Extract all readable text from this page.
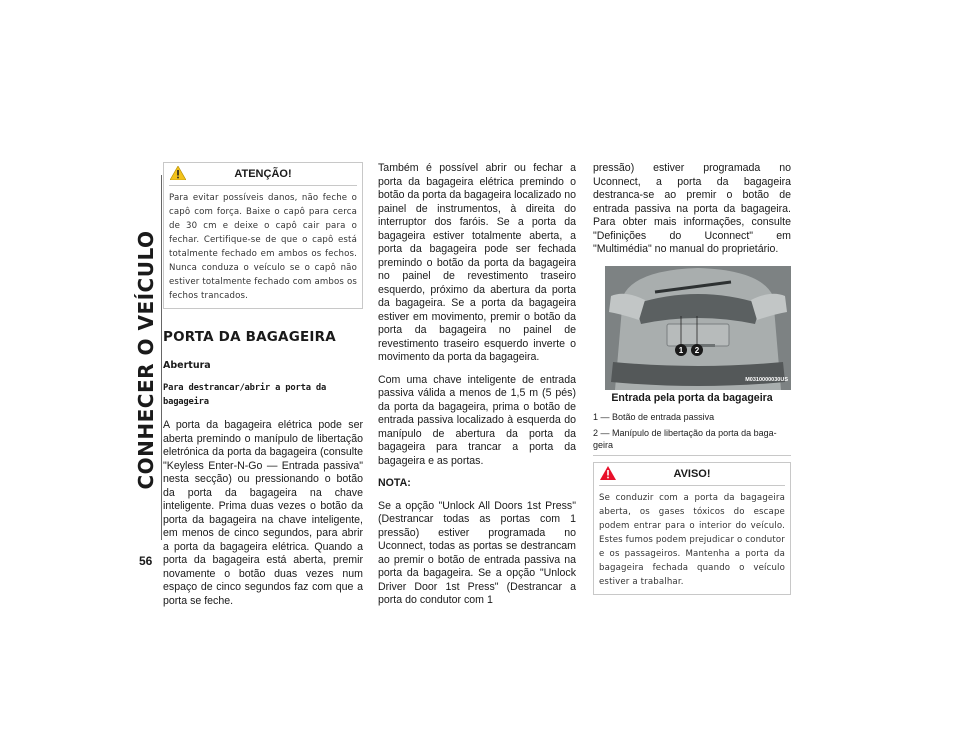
CONHECER O VEÍCULO
56
ATENÇÃO!
Para evitar possíveis danos, não feche o capô com força. Baixe o capô para cerca de 30 cm e deixe o capô cair para o fechar. Certifique-se de que o capô está totalmente fechado em ambos os fechos. Nunca conduza o veículo se o capô não estiver totalmente fechado com ambos os fechos trancados.
PORTA DA BAGAGEIRA
Abertura
Para destrancar/abrir a porta da bagageira

A porta da bagageira elétrica pode ser aberta premindo o manípulo de libertação eletrónica da porta da bagageira (consulte "Keyless Enter-N-Go — Entrada passiva" nesta secção) ou pressionando o botão da porta da bagageira na chave inteligente. Prima duas vezes o botão da porta da bagageira na chave inteligente, em menos de cinco segundos, para abrir a porta da bagageira elétrica. Quando a porta da bagageira está aberta, premir novamente o botão duas vezes num espaço de cinco segundos faz com que a porta se feche.

Também é possível abrir ou fechar a porta da bagageira elétrica premindo o botão da porta da bagageira localizado no painel de instrumentos, à direita do interruptor dos faróis. Se a porta da bagageira estiver totalmente aberta, a porta da bagageira pode ser fechada premindo o botão da porta da bagageira no painel de revestimento traseiro esquerdo, próximo da abertura da porta da bagageira. Se a porta da bagageira estiver em movimento, premir o botão da porta da bagageira no painel de revestimento traseiro esquerdo inverte o movimento da porta da bagageira.

Com uma chave inteligente de entrada passiva válida a menos de 1,5 m (5 pés) da porta da bagageira, prima o botão de entrada passiva localizado à esquerda do manípulo de abertura da porta da bagageira para trancar a porta da bagageira e as portas.

NOTA:

Se a opção "Unlock All Doors 1st Press" (Destrancar todas as portas com 1 pressão) estiver programada no Uconnect, todas as portas se destrancam ao premir o botão de entrada passiva na porta da bagageira. Se a opção "Unlock Driver Door 1st Press" (Destrancar a porta do condutor com 1

pressão) estiver programada no Uconnect, a porta da bagageira destranca-se ao premir o botão de entrada passiva na porta da bagageira. Para obter mais informações, consulte "Definições do Uconnect" em "Multimédia" no manual do proprietário.

1 2
M0310000030US
Entrada pela porta da bagageira
1 — Botão de entrada passiva
2 — Manípulo de libertação da porta da baga-geira
AVISO!
Se conduzir com a porta da bagageira aberta, os gases tóxicos do escape podem entrar para o interior do veículo. Estes fumos podem prejudicar o condutor e os passageiros. Mantenha a porta da bagageira fechada quando o veículo estiver a trabalhar.
